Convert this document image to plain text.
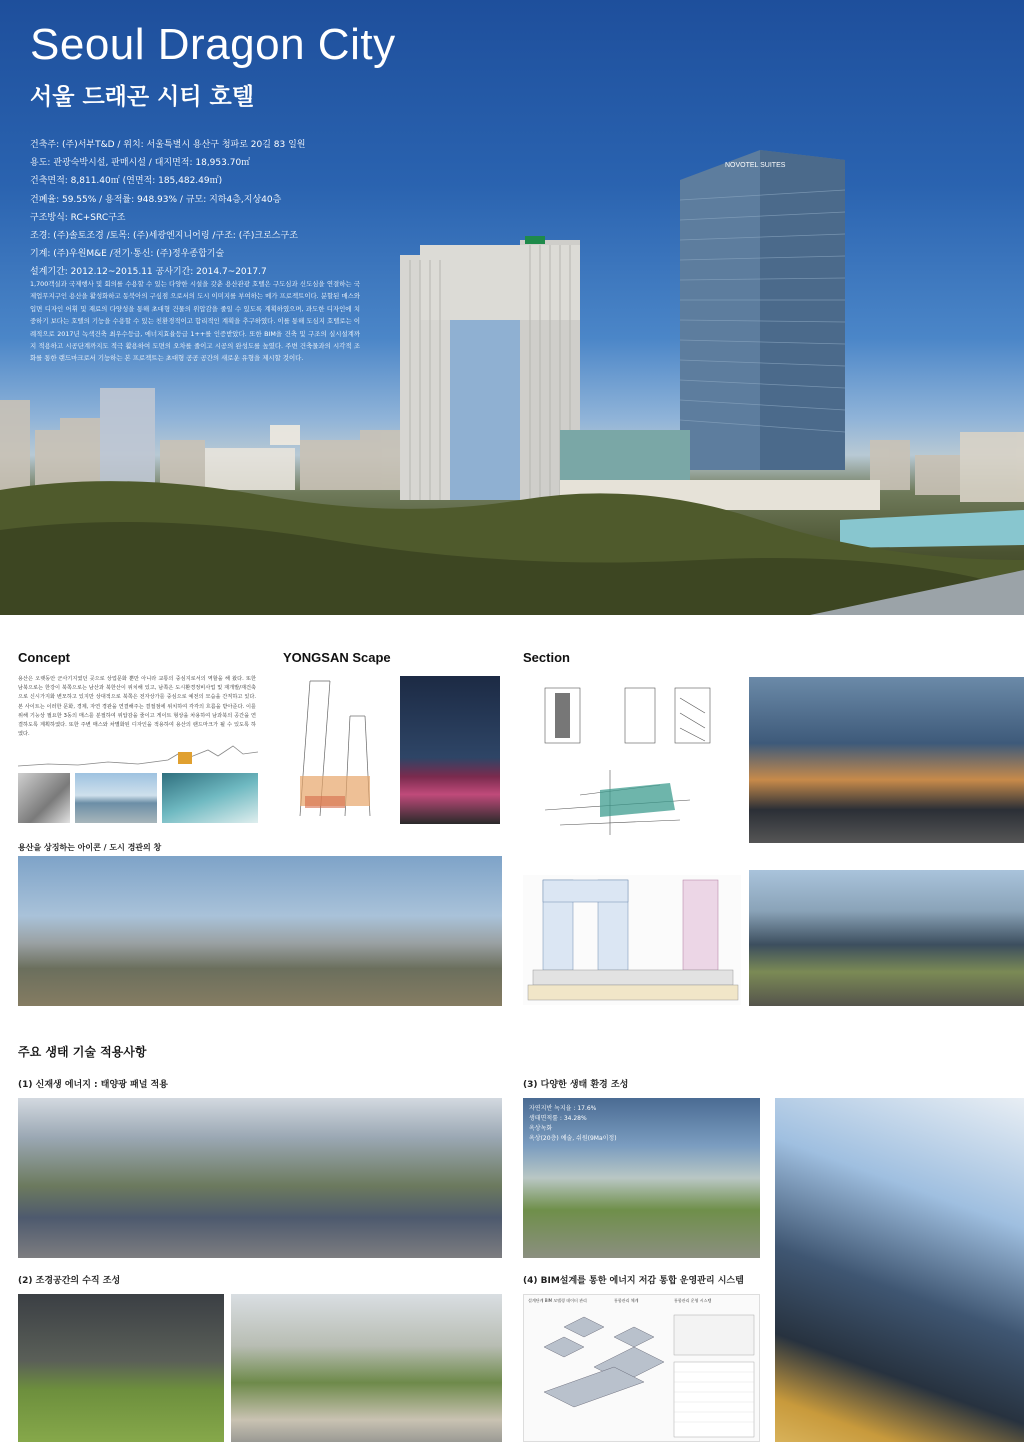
NOVOTEL SUITES
Seoul Dragon City
서울 드래곤 시티 호텔
건축주: (주)서부T&D / 위치: 서울특별시 용산구 청파로 20길 83 일원
용도: 관광숙박시설, 판매시설 / 대지면적: 18,953.70㎡
건축면적: 8,811.40㎡ (연면적: 185,482.49㎡)
건폐율: 59.55% / 용적률: 948.93% / 규모: 지하4층,지상40층
구조방식: RC+SRC구조
조경: (주)솔토조경 /토목: (주)세광엔지니어링 /구조: (주)크로스구조
기계: (주)우원M&E /전기·통신: (주)정우종합기술
설계기간: 2012.12~2015.11 공사기간: 2014.7~2017.7
1,700객실과 국제행사 및 회의를 수용할 수 있는 다양한 시설을 갖춘 용산관광 호텔은 구도심과 신도심을 연결하는 국제업무지구인 용산을 활성화하고 동북아의 구심점 으로서의 도시 이미지를 부여하는 메가 프로젝트이다. 분할된 매스와 입면 디자인 어휘 및 재료의 다양성을 통해 초대형 건물의 위압감을 줄일 수 있도록 계획하였으며, 과도한 디자인에 치중하기 보다는 호텔의 기능을 수용할 수 있는 친환경적이고 합리적인 계획을 추구하였다. 이를 통해 도심지 호텔로는 이례적으로 2017년 녹색건축 최우수등급, 에너지효율등급 1++를 인증받았다. 또한 BIM을 건축 및 구조의 실시설계까지 적용하고 시공단계까지도 적극 활용하여 도면의 오차를 줄이고 시공의 완성도를 높였다. 주변 건축물과의 시각적 조화를 통한 랜드마크로서 기능하는 본 프로젝트는 초대형 공공 공간의 새로운 유형을 제시할 것이다.
Concept
용산은 오랫동안 군사기지였던 곳으로 상업문화 뿐만 아니라 교통의 중심지로서의 역할을 해 왔다. 또한 남북으로는 한강이 북쪽으로는 남산과 북한산이 위치해 있고, 남쪽은 도시환경정비사업 및 재개발/재건축으로 신시가지화 변모하고 있지만 상대적으로 북쪽은 전자상가를 중심으로 예전의 모습을 간직하고 있다. 본 사이트는 이러한 문화, 경제, 자연 경관을 연결해주는 결절점에 위치하여 각각의 흐름을 받아준다. 이를 위해 기능상 필요한 3동의 매스를 분절하여 위압감을 줄이고 게이트 형상을 차용하여 남과북의 공간을 연결하도록 계획하였다. 또한 주변 매스와 차별화된 디자인을 적용하여 용산의 랜드마크가 될 수 있도록 하였다.
YONGSAN Scape	Section
용산을 상징하는 아이콘 / 도시 경관의 창
주요 생태 기술 적용사항
(1) 신재생 에너지 : 태양광 패널 적용
(2) 조경공간의 수직 조성
(3) 다양한 생태 환경 조성
자연지반 녹지율 : 17.6%
생태면적률 : 34.28%
옥상녹화
옥상(20층) 예술, 쉬원(9Ma이정)
(4) BIM설계를 통한 에너지 저감 통합 운영관리 시스템
설계단계 BIM 모델링 데이터 관리	통합관리 체계	통합관리 운영 시스템
